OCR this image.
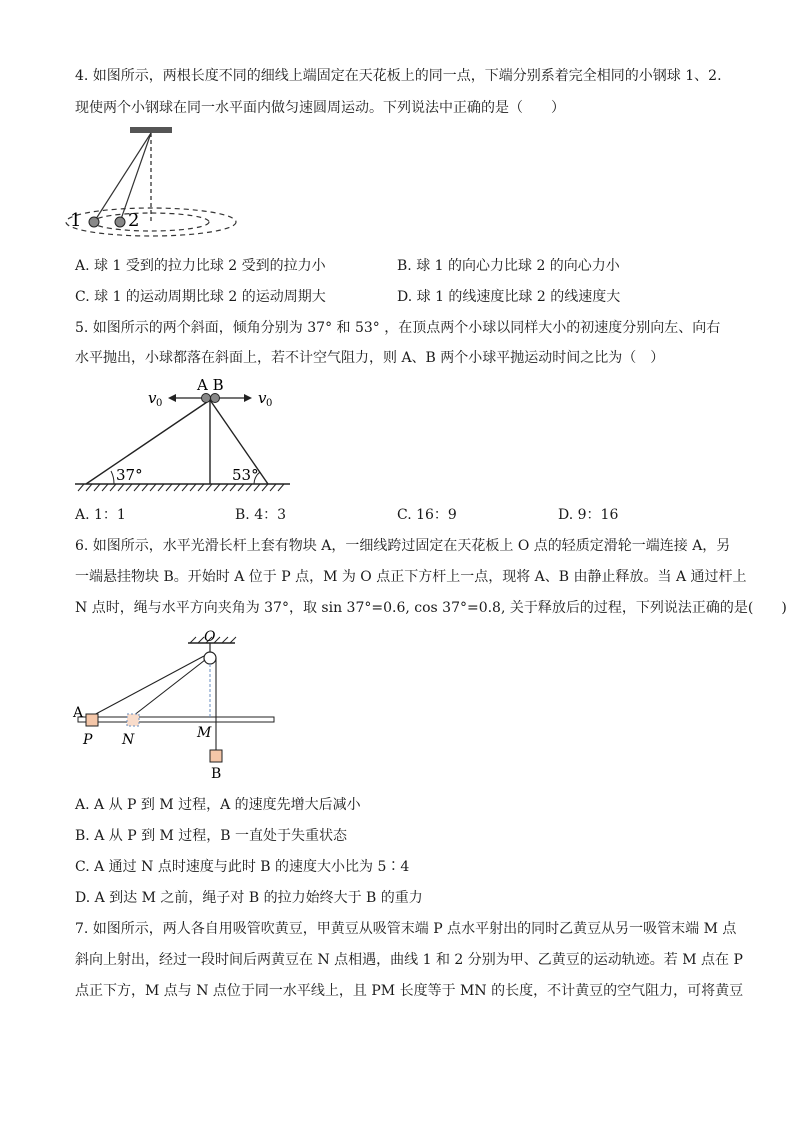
4. 如图所示，两根长度不同的细线上端固定在天花板上的同一点，下端分别系着完全相同的小钢球 1、2.
现使两个小钢球在同一水平面内做匀速圆周运动。下列说法中正确的是（　　）
1	2
A. 球 1 受到的拉力比球 2 受到的拉力小	B. 球 1 的向心力比球 2 的向心力小
C. 球 1 的运动周期比球 2 的运动周期大	D. 球 1 的线速度比球 2 的线速度大
5. 如图所示的两个斜面，倾角分别为 37° 和 53° ，在顶点两个小球以同样大小的初速度分别向左、向右
水平抛出，小球都落在斜面上，若不计空气阻力，则 A、B 两个小球平抛运动时间之比为（　）
37°	53°
A B
v 0	v 0
A. 1：1	B. 4：3	C. 16：9	D. 9：16
6. 如图所示，水平光滑长杆上套有物块 A，一细线跨过固定在天花板上 O 点的轻质定滑轮一端连接 A，另
一端悬挂物块 B。开始时 A 位于 P 点，M 为 O 点正下方杆上一点，现将 A、B 由静止释放。当 A 通过杆上
N 点时，绳与水平方向夹角为 37°，取 sin 37°=0.6, cos 37°=0.8, 关于释放后的过程，下列说法正确的是(　　)
O
A
P N	M
B
A. A 从 P 到 M 过程，A 的速度先增大后减小
B. A 从 P 到 M 过程，B 一直处于失重状态
C. A 通过 N 点时速度与此时 B 的速度大小比为 5∶4
D. A 到达 M 之前，绳子对 B 的拉力始终大于 B 的重力
7. 如图所示，两人各自用吸管吹黄豆，甲黄豆从吸管末端 P 点水平射出的同时乙黄豆从另一吸管末端 M 点
斜向上射出，经过一段时间后两黄豆在 N 点相遇，曲线 1 和 2 分别为甲、乙黄豆的运动轨迹。若 M 点在 P
点正下方，M 点与 N 点位于同一水平线上，且 PM 长度等于 MN 的长度，不计黄豆的空气阻力，可将黄豆
